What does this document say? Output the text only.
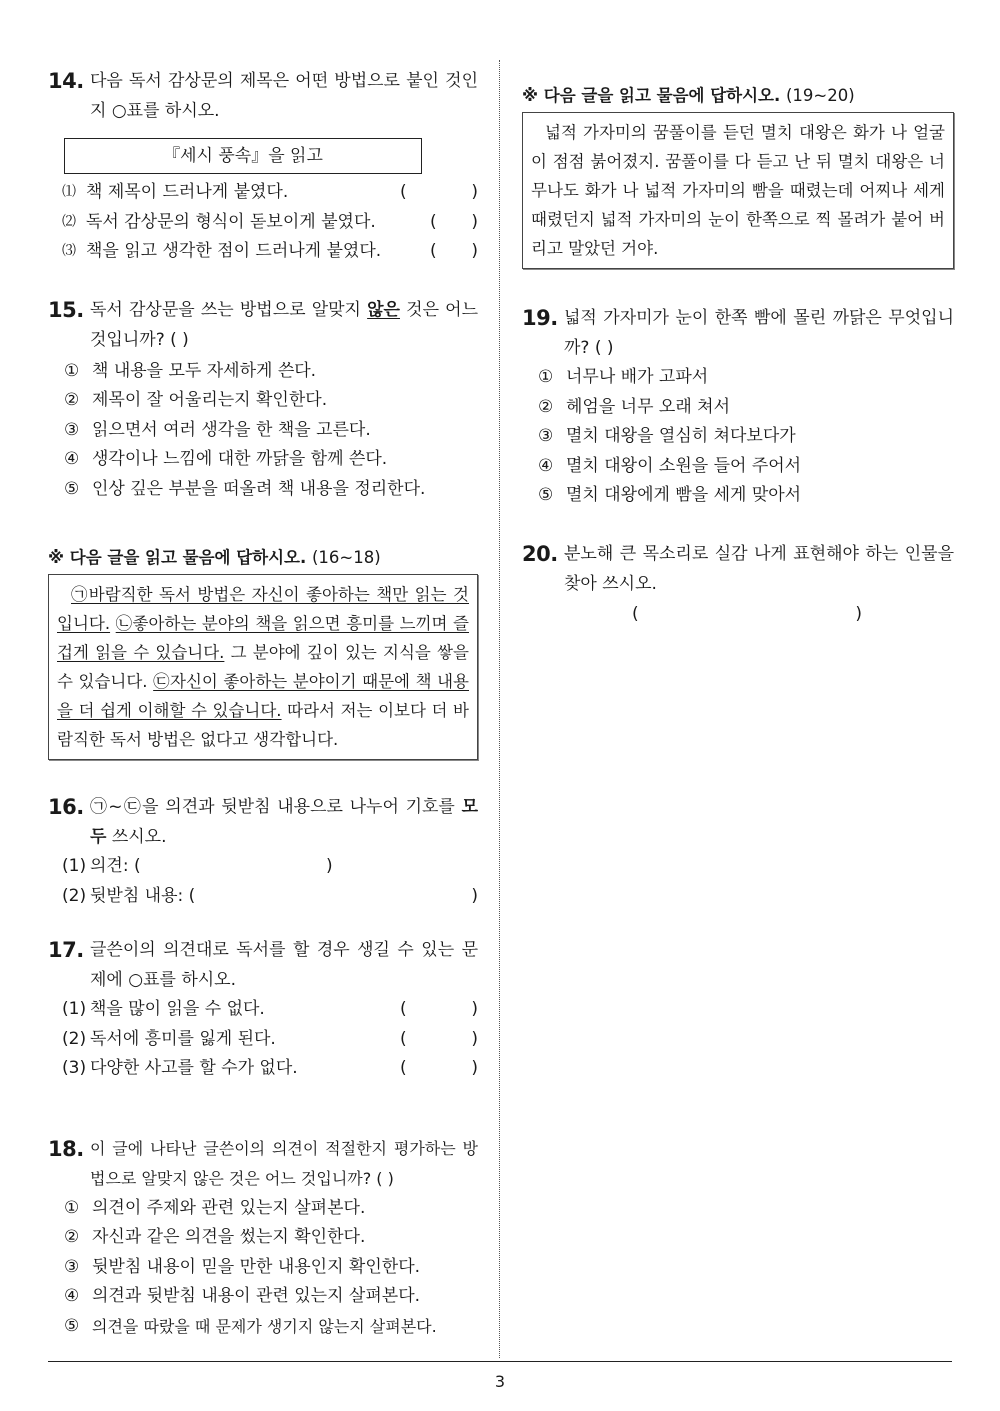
14. 다음 독서 감상문의 제목은 어떤 방법으로 붙인 것인지 ○표를 하시오.
『세시 풍속』을 읽고
⑴ 책 제목이 드러나게 붙였다.	(	)
⑵ 독서 감상문의 형식이 돋보이게 붙였다.	( )
⑶ 책을 읽고 생각한 점이 드러나게 붙였다.	( )
15. 독서 감상문을 쓰는 방법으로 알맞지 않은 것은 어느 것입니까? ( )
① 책 내용을 모두 자세하게 쓴다.
② 제목이 잘 어울리는지 확인한다.
③ 읽으면서 여러 생각을 한 책을 고른다.
④ 생각이나 느낌에 대한 까닭을 함께 쓴다.
⑤ 인상 깊은 부분을 떠올려 책 내용을 정리한다.
※ 다음 글을 읽고 물음에 답하시오. (16~18)
㉠바람직한 독서 방법은 자신이 좋아하는 책만 읽는 것입니다. ㉡좋아하는 분야의 책을 읽으면 흥미를 느끼며 즐겁게 읽을 수 있습니다. 그 분야에 깊이 있는 지식을 쌓을 수 있습니다. ㉢자신이 좋아하는 분야이기 때문에 책 내용을 더 쉽게 이해할 수 있습니다. 따라서 저는 이보다 더 바람직한 독서 방법은 없다고 생각합니다.
16. ㉠~㉢을 의견과 뒷받침 내용으로 나누어 기호를 모두 쓰시오.
(1) 의견: (	)
(2) 뒷받침 내용: (	)
17. 글쓴이의 의견대로 독서를 할 경우 생길 수 있는 문제에 ○표를 하시오.
(1) 책을 많이 읽을 수 없다.	(	)
(2) 독서에 흥미를 잃게 된다.	(	)
(3) 다양한 사고를 할 수가 없다.	(	)
18. 이 글에 나타난 글쓴이의 의견이 적절한지 평가하는 방법으로 알맞지 않은 것은 어느 것입니까? ( )
① 의견이 주제와 관련 있는지 살펴본다.
② 자신과 같은 의견을 썼는지 확인한다.
③ 뒷받침 내용이 믿을 만한 내용인지 확인한다.
④ 의견과 뒷받침 내용이 관련 있는지 살펴본다.
⑤ 의견을 따랐을 때 문제가 생기지 않는지 살펴본다.
※ 다음 글을 읽고 물음에 답하시오. (19~20)
넓적 가자미의 꿈풀이를 듣던 멸치 대왕은 화가 나 얼굴이 점점 붉어졌지. 꿈풀이를 다 듣고 난 뒤 멸치 대왕은 너무나도 화가 나 넓적 가자미의 빰을 때렸는데 어찌나 세게 때렸던지 넓적 가자미의 눈이 한쪽으로 찍 몰려가 붙어 버리고 말았던 거야.
19. 넓적 가자미가 눈이 한쪽 빰에 몰린 까닭은 무엇입니까? ( )
① 너무나 배가 고파서
② 헤엄을 너무 오래 쳐서
③ 멸치 대왕을 열심히 쳐다보다가
④ 멸치 대왕이 소원을 들어 주어서
⑤ 멸치 대왕에게 빰을 세게 맞아서
20. 분노해 큰 목소리로 실감 나게 표현해야 하는 인물을 찾아 쓰시오.
(	)
3
